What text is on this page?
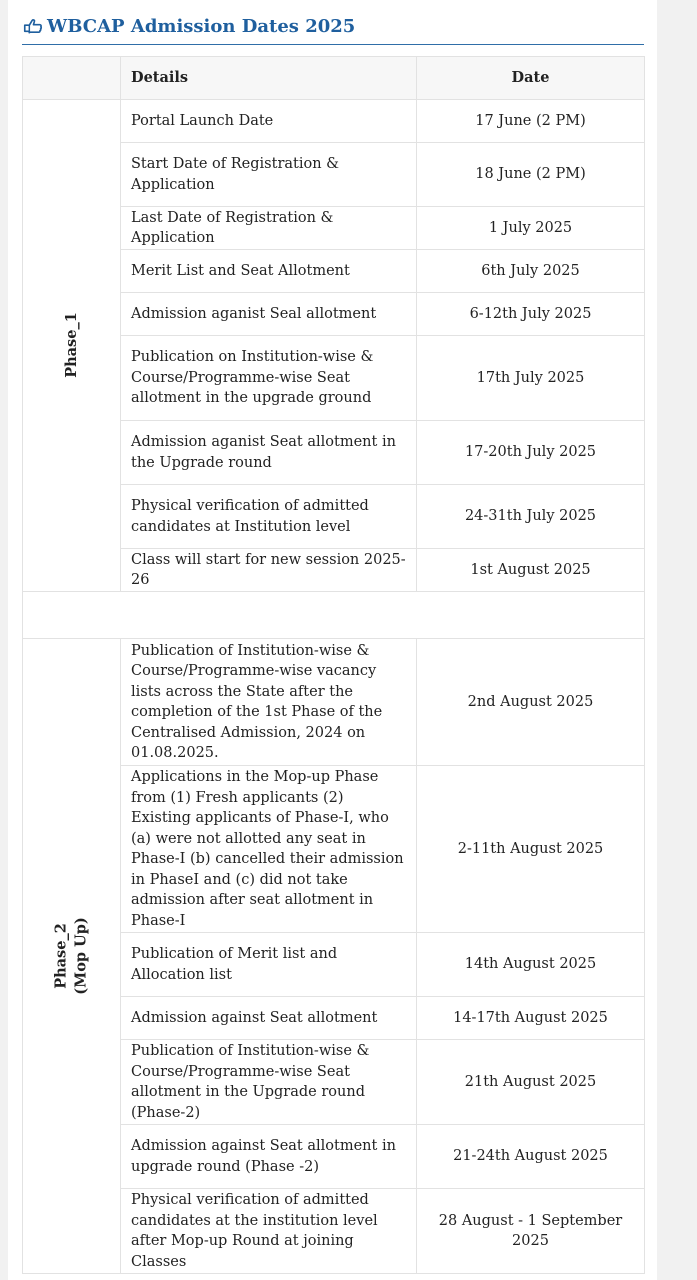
WBCAP Admission Dates 2025
	Details	Date
Phase_1	Portal Launch Date	17 June (2 PM)
	Start Date of Registration & Application	18 June (2 PM)
	Last Date of Registration & Application	1 July 2025
	Merit List and Seat Allotment	6th July 2025
	Admission aganist Seal allotment	6-12th July 2025
	Publication on Institution-wise & Course/Programme-wise Seat allotment in the upgrade ground	17th July 2025
	Admission aganist Seat allotment in the Upgrade round	17-20th July 2025
	Physical verification of admitted candidates at Institution level	24-31th July 2025
	Class will start for new session 2025-26	1st August 2025

Phase_2 (Mop Up)	Publication of Institution-wise & Course/Programme-wise vacancy lists across the State after the completion of the 1st Phase of the Centralised Admission, 2024 on 01.08.2025.	2nd August 2025
	Applications in the Mop-up Phase from (1) Fresh applicants (2) Existing applicants of Phase-I, who (a) were not allotted any seat in Phase-I (b) cancelled their admission in PhaseI and (c) did not take admission after seat allotment in Phase-I	2-11th August 2025
	Publication of Merit list and Allocation list	14th August 2025
	Admission against Seat allotment	14-17th August 2025
	Publication of Institution-wise & Course/Programme-wise Seat allotment in the Upgrade round (Phase-2)	21th August 2025
	Admission against Seat allotment in upgrade round (Phase -2)	21-24th August 2025
	Physical verification of admitted candidates at the institution level after Mop-up Round at joining Classes	28 August - 1 September 2025
